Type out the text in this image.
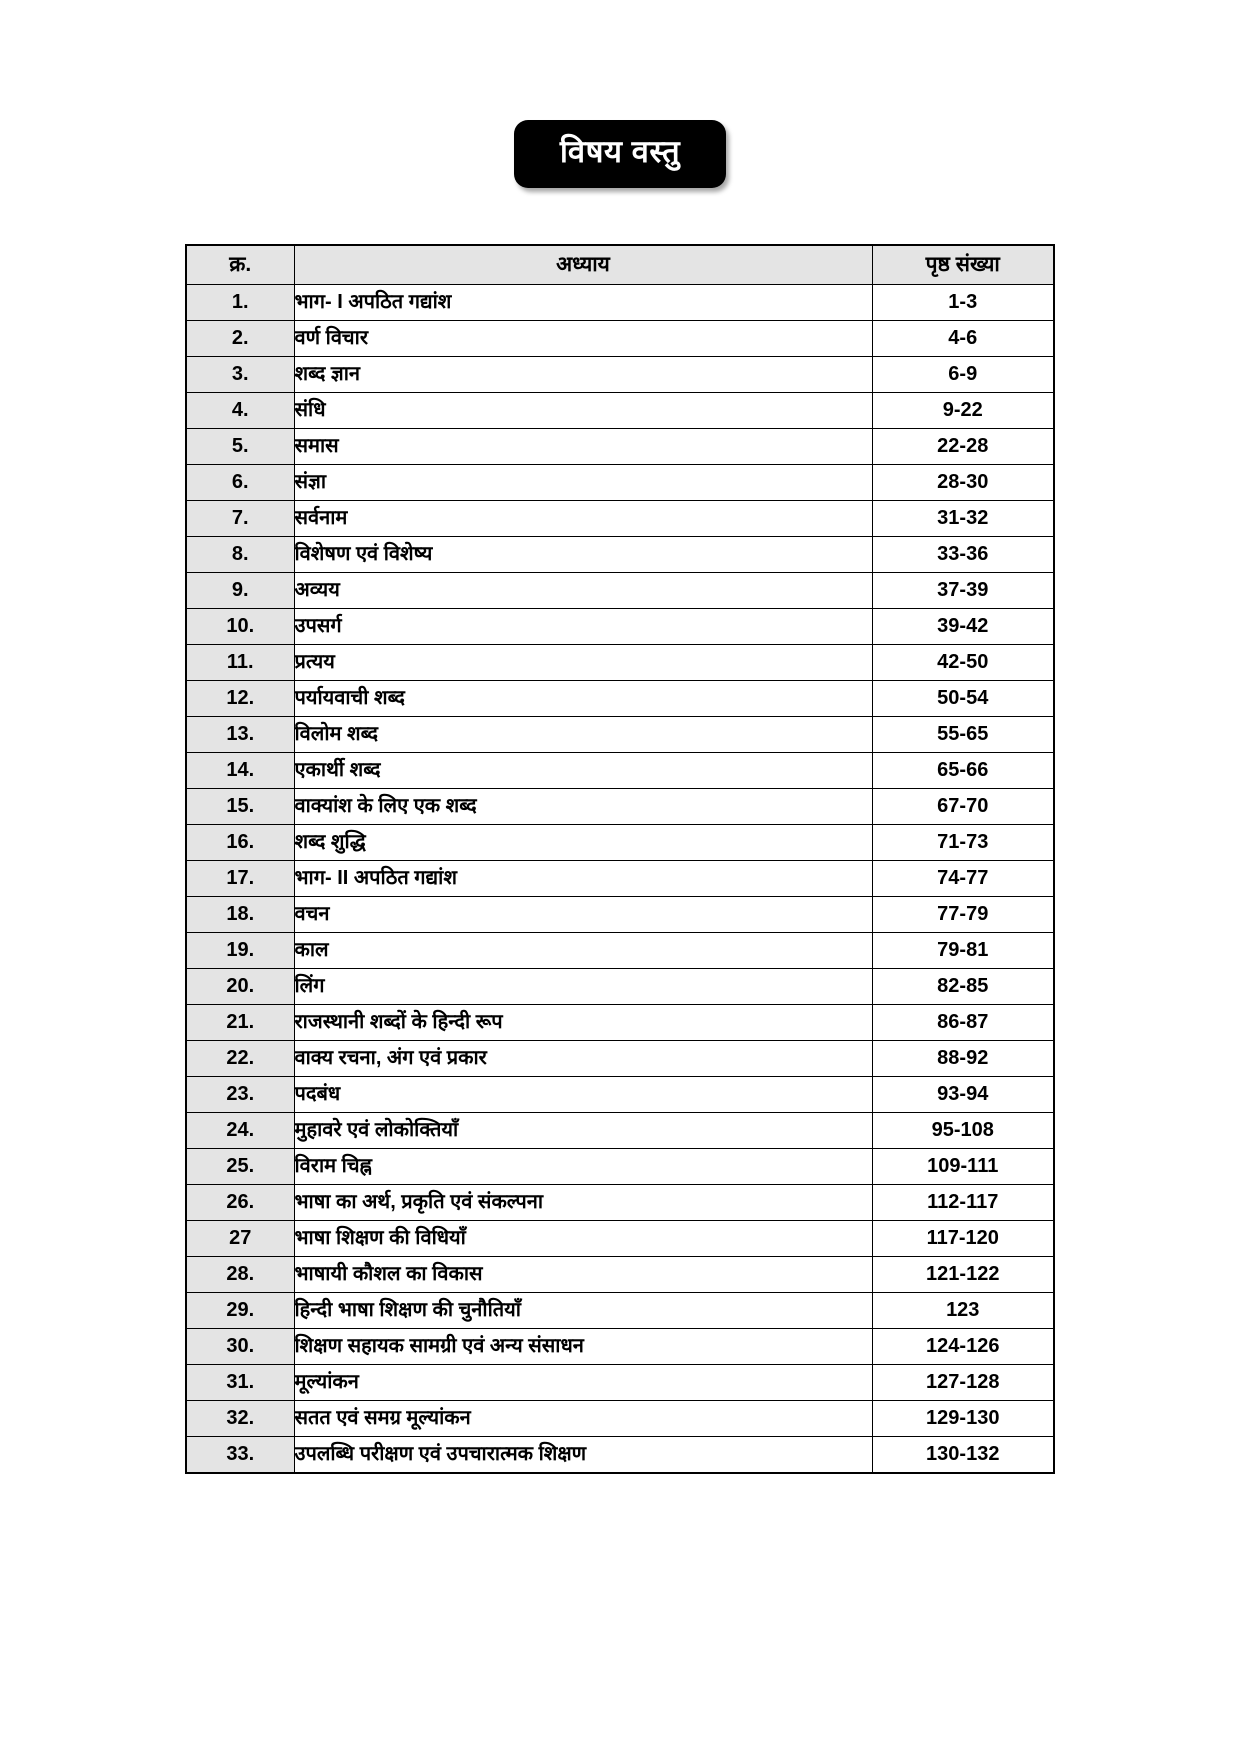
विषय वस्तु
क्र.	अध्याय	पृष्ठ संख्या
1.	भाग- I अपठित गद्यांश	1-3
2.	वर्ण विचार	4-6
3.	शब्द ज्ञान	6-9
4.	संधि	9-22
5.	समास	22-28
6.	संज्ञा	28-30
7.	सर्वनाम	31-32
8.	विशेषण एवं विशेष्य	33-36
9.	अव्यय	37-39
10.	उपसर्ग	39-42
11.	प्रत्यय	42-50
12.	पर्यायवाची शब्द	50-54
13.	विलोम शब्द	55-65
14.	एकार्थी शब्द	65-66
15.	वाक्यांश के लिए एक शब्द	67-70
16.	शब्द शुद्धि	71-73
17.	भाग- II अपठित गद्यांश	74-77
18.	वचन	77-79
19.	काल	79-81
20.	लिंग	82-85
21.	राजस्थानी शब्दों के हिन्दी रूप	86-87
22.	वाक्य रचना, अंग एवं प्रकार	88-92
23.	पदबंध	93-94
24.	मुहावरे एवं लोकोक्तियाँ	95-108
25.	विराम चिह्न	109-111
26.	भाषा का अर्थ, प्रकृति एवं संकल्पना	112-117
27	भाषा शिक्षण की विधियाँ	117-120
28.	भाषायी कौशल का विकास	121-122
29.	हिन्दी भाषा शिक्षण की चुनौतियाँ	123
30.	शिक्षण सहायक सामग्री एवं अन्य संसाधन	124-126
31.	मूल्यांकन	127-128
32.	सतत एवं समग्र मूल्यांकन	129-130
33.	उपलब्धि परीक्षण एवं उपचारात्मक शिक्षण	130-132
